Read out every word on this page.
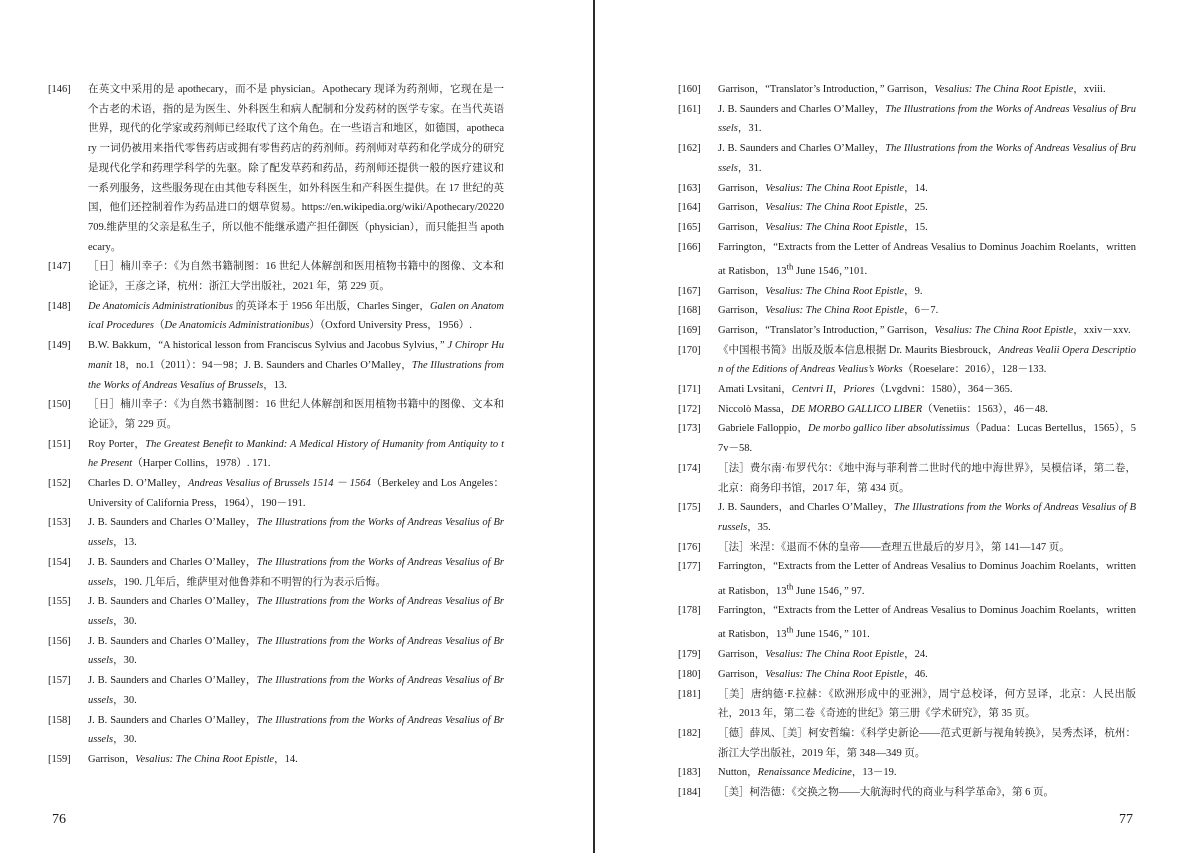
[146] 在英文中采用的是 apothecary，而不是 physician。Apothecary 现译为药剂师，它现在是一个古老的术语，指的是为医生、外科医生和病人配制和分发药材的医学专家。在当代英语世界，现代的化学家或药剂师已经取代了这个角色。在一些语言和地区，如德国，apothecary 一词仍被用来指代零售药店或拥有零售药店的药剂师。药剂师对草药和化学成分的研究是现代化学和药理学科学的先驱。除了配发草药和药品，药剂师还提供一般的医疗建议和一系列服务，这些服务现在由其他专科医生，如外科医生和产科医生提供。在 17 世纪的英国，他们还控制着作为药品进口的烟草贸易。https://en.wikipedia.org/wiki/Apothecary/20220709.维萨里的父亲是私生子，所以他不能继承遗产担任御医（physician），而只能担当 apothecary。
[147] ［日］楠川幸子：《为自然书籍制图：16 世纪人体解剖和医用植物书籍中的图像、文本和论证》，王彦之译，杭州：浙江大学出版社，2021 年，第 229 页。
[148] De Anatomicis Administrationibus 的英译本于 1956 年出版，Charles Singer，Galen on Anatomical Procedures（De Anatomicis Administrationibus）（Oxford University Press，1956）.
[149] B.W. Bakkum，“A historical lesson from Franciscus Sylvius and Jacobus Sylvius，” J Chiropr Humanit 18，no.1（2011）：94－98；J. B. Saunders and Charles O’Malley，The Illustrations from the Works of Andreas Vesalius of Brussels，13.
[150] ［日］楠川幸子：《为自然书籍制图：16 世纪人体解剖和医用植物书籍中的图像、文本和论证》，第 229 页。
[151] Roy Porter，The Greatest Benefit to Mankind: A Medical History of Humanity from Antiquity to the Present（Harper Collins，1978）. 171.
[152] Charles D. O’Malley，Andreas Vesalius of Brussels 1514 － 1564（Berkeley and Los Angeles：University of California Press，1964），190－191.
[153] J. B. Saunders and Charles O’Malley，The Illustrations from the Works of Andreas Vesalius of Brussels，13.
[154] J. B. Saunders and Charles O’Malley，The Illustrations from the Works of Andreas Vesalius of Brussels，190. 几年后，维萨里对他鲁莽和不明智的行为表示后悔。
[155] J. B. Saunders and Charles O’Malley，The Illustrations from the Works of Andreas Vesalius of Brussels，30.
[156] J. B. Saunders and Charles O’Malley，The Illustrations from the Works of Andreas Vesalius of Brussels，30.
[157] J. B. Saunders and Charles O’Malley，The Illustrations from the Works of Andreas Vesalius of Brussels，30.
[158] J. B. Saunders and Charles O’Malley，The Illustrations from the Works of Andreas Vesalius of Brussels，30.
[159] Garrison，Vesalius: The China Root Epistle，14.
[160] Garrison，“Translator’s Introduction，” Garrison，Vesalius: The China Root Epistle，xviii.
[161] J. B. Saunders and Charles O’Malley，The Illustrations from the Works of Andreas Vesalius of Brussels，31.
[162] J. B. Saunders and Charles O’Malley，The Illustrations from the Works of Andreas Vesalius of Brussels，31.
[163] Garrison，Vesalius: The China Root Epistle，14.
[164] Garrison，Vesalius: The China Root Epistle，25.
[165] Garrison，Vesalius: The China Root Epistle，15.
[166] Farrington，“Extracts from the Letter of Andreas Vesalius to Dominus Joachim Roelants，written at Ratisbon，13th June 1546，”101.
[167] Garrison，Vesalius: The China Root Epistle，9.
[168] Garrison，Vesalius: The China Root Epistle，6－7.
[169] Garrison，“Translator’s Introduction，” Garrison，Vesalius: The China Root Epistle，xxiv－xxv.
[170] 《中国根书简》出版及版本信息根据 Dr. Maurits Biesbrouck，Andreas Vealii Opera Description of the Editions of Andreas Vealius’s Works（Roeselare：2016），128－133.
[171] Amati Lvsitani，Centvri II，Priores（Lvgdvni：1580），364－365.
[172] Niccolò Massa，DE MORBO GALLICO LIBER（Venetiis：1563），46－48.
[173] Gabriele Falloppio，De morbo gallico liber absolutissimus（Padua：Lucas Bertellus，1565），57v－58.
[174] ［法］费尔南·布罗代尔：《地中海与菲利普二世时代的地中海世界》，吴模信译，第二卷，北京：商务印书馆，2017 年，第 434 页。
[175] J. B. Saunders，and Charles O’Malley，The Illustrations from the Works of Andreas Vesalius of Brussels，35.
[176] ［法］米涅：《退而不休的皇帝——查理五世最后的岁月》，第 141—147 页。
[177] Farrington，“Extracts from the Letter of Andreas Vesalius to Dominus Joachim Roelants，written at Ratisbon，13th June 1546，” 97.
[178] Farrington，“Extracts from the Letter of Andreas Vesalius to Dominus Joachim Roelants，written at Ratisbon，13th June 1546，” 101.
[179] Garrison，Vesalius: The China Root Epistle，24.
[180] Garrison，Vesalius: The China Root Epistle，46.
[181] ［美］唐纳德·F.拉赫：《欧洲形成中的亚洲》，周宁总校译，何方昱译，北京：人民出版社，2013 年，第二卷《奇迹的世纪》第三册《学术研究》，第 35 页。
[182] ［德］薛凤、［美］柯安哲编：《科学史新论——范式更新与视角转换》，吴秀杰译，杭州：浙江大学出版社，2019 年，第 348—349 页。
[183] Nutton，Renaissance Medicine，13－19.
[184] ［美］柯浩德：《交换之物——大航海时代的商业与科学革命》，第 6 页。
76	77
